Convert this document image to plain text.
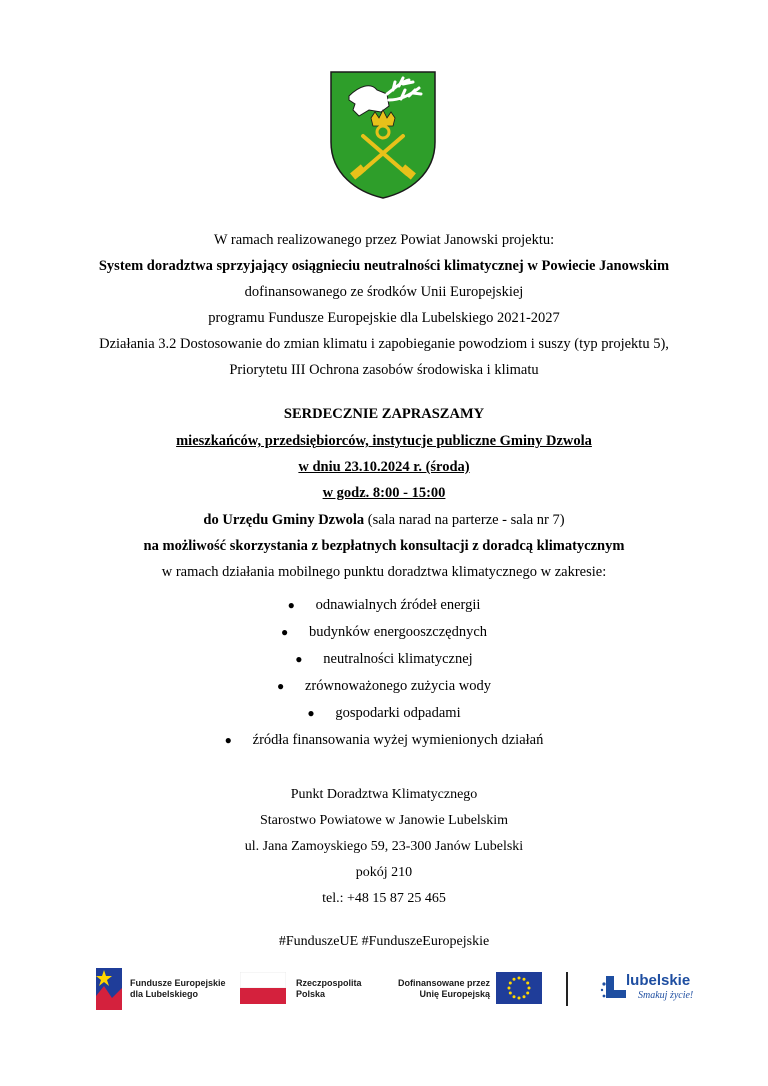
W ramach realizowanego przez Powiat Janowski projektu:
System doradztwa sprzyjający osiągnieciu neutralności klimatycznej w Powiecie Janowskim
dofinansowanego ze środków Unii Europejskiej
programu Fundusze Europejskie dla Lubelskiego 2021-2027
Działania 3.2 Dostosowanie do zmian klimatu i zapobieganie powodziom i suszy (typ projektu 5),
Priorytetu III Ochrona zasobów środowiska i klimatu
SERDECZNIE ZAPRASZAMY
mieszkańców, przedsiębiorców, instytucje publiczne Gminy Dzwola
w dniu 23.10.2024 r. (środa)
w godz. 8:00 - 15:00
do Urzędu Gminy Dzwola (sala narad na parterze - sala nr 7)
na możliwość skorzystania z bezpłatnych konsultacji z doradcą klimatycznym
w ramach działania mobilnego punktu doradztwa klimatycznego w zakresie:
● odnawialnych źródeł energii
● budynków energooszczędnych
● neutralności klimatycznej
● zrównoważonego zużycia wody
● gospodarki odpadami
● źródła finansowania wyżej wymienionych działań
Punkt Doradztwa Klimatycznego
Starostwo Powiatowe w Janowie Lubelskim
ul. Jana Zamoyskiego 59, 23-300 Janów Lubelski
pokój 210
tel.: +48 15 87 25 465
#FunduszeUE #FunduszeEuropejskie
Fundusze Europejskie
dla Lubelskiego
Rzeczpospolita
Polska
Dofinansowane przez
Unię Europejską
lubelskie
Smakuj życie!
